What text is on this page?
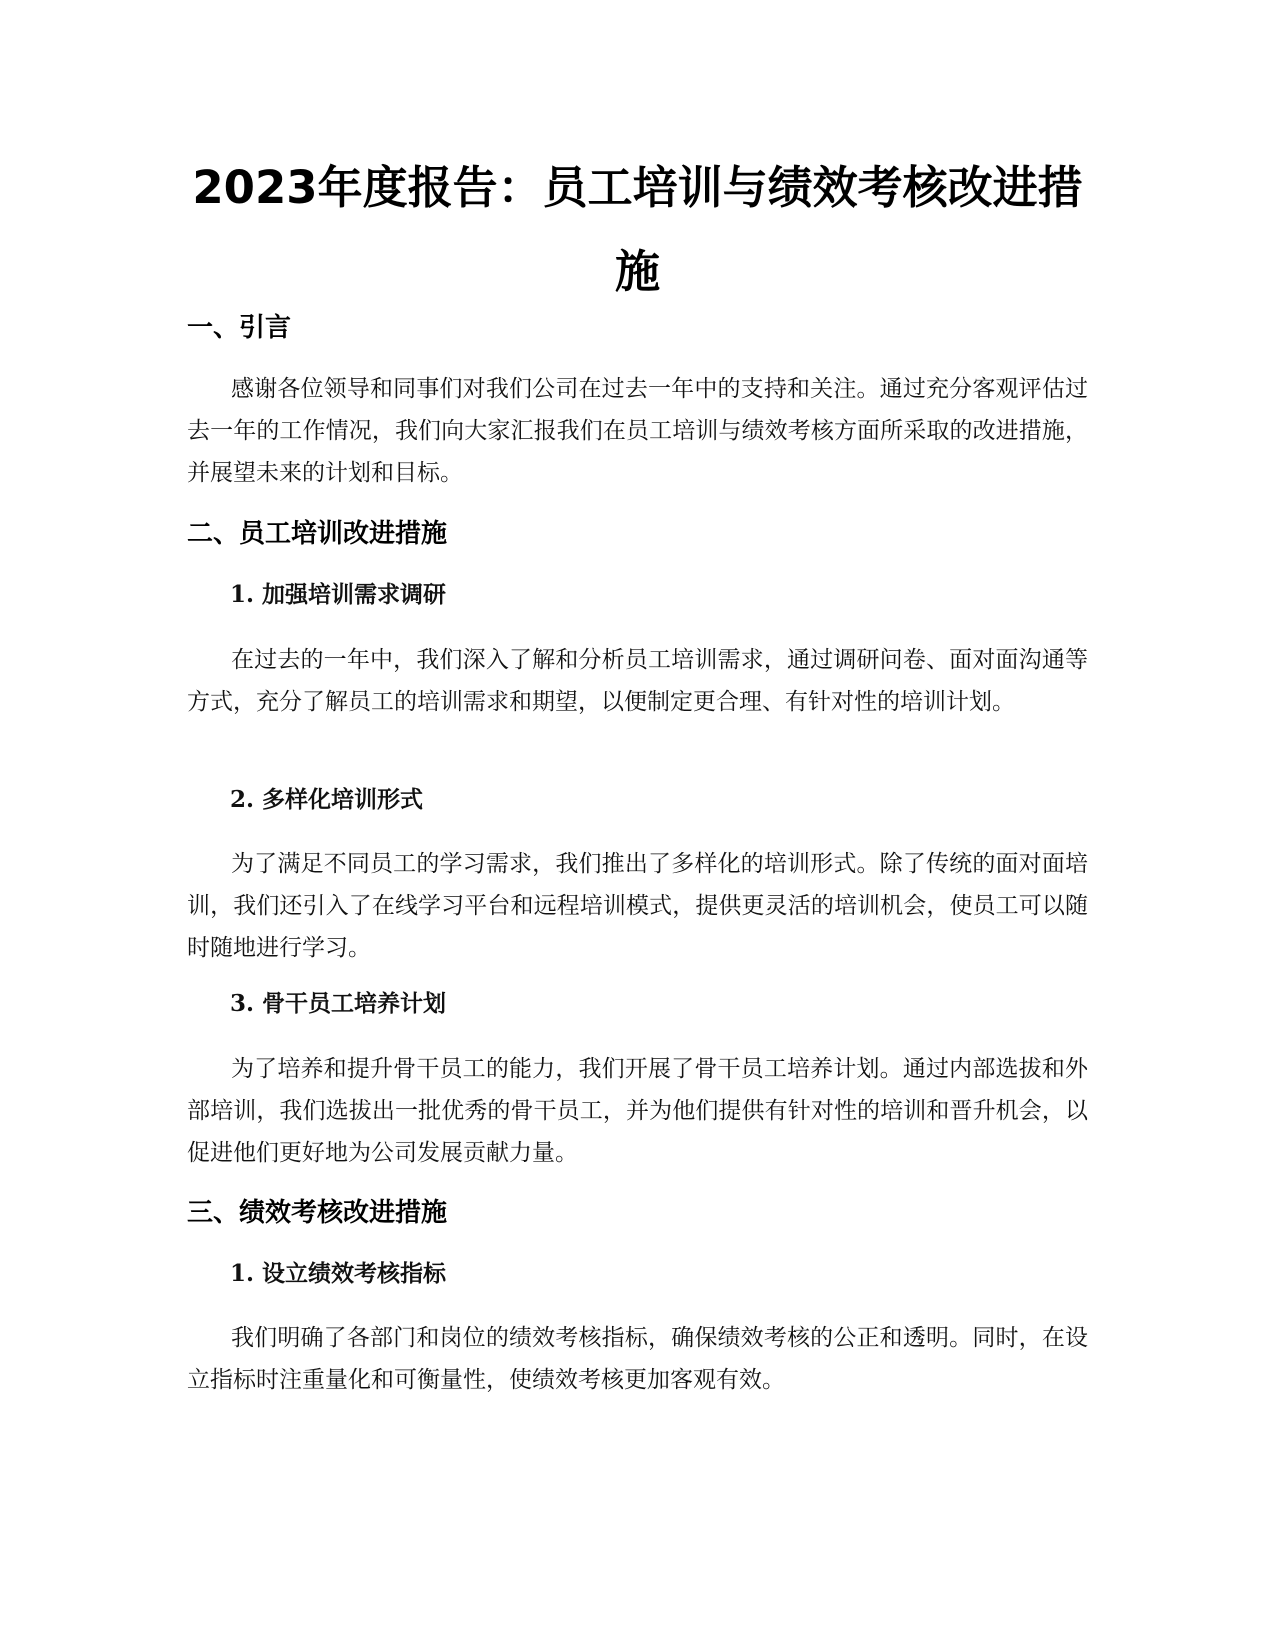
2023年度报告：员工培训与绩效考核改进措施
一、引言

感谢各位领导和同事们对我们公司在过去一年中的支持和关注。通过充分客观评估过去一年的工作情况，我们向大家汇报我们在员工培训与绩效考核方面所采取的改进措施，并展望未来的计划和目标。

二、员工培训改进措施
1. 加强培训需求调研

在过去的一年中，我们深入了解和分析员工培训需求，通过调研问卷、面对面沟通等方式，充分了解员工的培训需求和期望，以便制定更合理、有针对性的培训计划。

2. 多样化培训形式

为了满足不同员工的学习需求，我们推出了多样化的培训形式。除了传统的面对面培训，我们还引入了在线学习平台和远程培训模式，提供更灵活的培训机会，使员工可以随时随地进行学习。

3. 骨干员工培养计划

为了培养和提升骨干员工的能力，我们开展了骨干员工培养计划。通过内部选拔和外部培训，我们选拔出一批优秀的骨干员工，并为他们提供有针对性的培训和晋升机会，以促进他们更好地为公司发展贡献力量。

三、绩效考核改进措施
1. 设立绩效考核指标

我们明确了各部门和岗位的绩效考核指标，确保绩效考核的公正和透明。同时，在设立指标时注重量化和可衡量性，使绩效考核更加客观有效。
